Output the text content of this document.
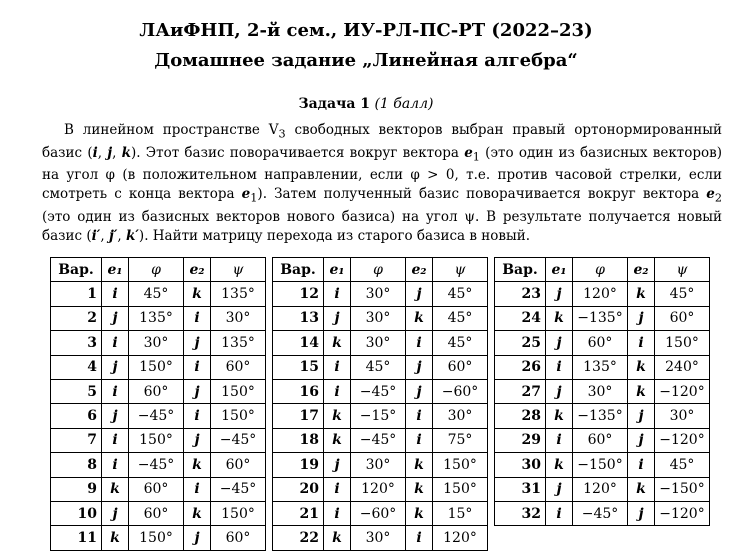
ЛАиФНП, 2-й сем., ИУ-РЛ-ПС-РТ (2022–23)
Домашнее задание „Линейная алгебра“
Задача 1 (1 балл)

В линейном пространстве $V_3$ свободных векторов выбран правый ортонормированный базис (i, j, k). Этот базис поворачивается вокруг вектора $e_1$ (это один из базисных векторов) на угол φ (в положительном направлении, если φ > 0, т.е. против часовой стрелки, если смотреть с конца вектора $e_1$). Затем полученный базис поворачивается вокруг вектора $e_2$ (это один из базисных векторов нового базиса) на угол ψ. В результате получается новый базис (i′, j′, k′). Найти матрицу перехода из старого базиса в новый.

Вар.	e₁	φ	e₂	ψ
1	i	45°	k	135°
2	j	135°	i	30°
3	i	30°	j	135°
4	j	150°	i	60°
5	i	60°	j	150°
6	j	−45°	i	150°
7	i	150°	j	−45°
8	i	−45°	k	60°
9	k	60°	i	−45°
10	j	60°	k	150°
11	k	150°	j	60°
Вар.	e₁	φ	e₂	ψ
12	i	30°	j	45°
13	j	30°	k	45°
14	k	30°	i	45°
15	i	45°	j	60°
16	i	−45°	j	−60°
17	k	−15°	i	30°
18	k	−45°	i	75°
19	j	30°	k	150°
20	i	120°	k	150°
21	i	−60°	k	15°
22	k	30°	i	120°
Вар.	e₁	φ	e₂	ψ
23	j	120°	k	45°
24	k	−135°	j	60°
25	j	60°	i	150°
26	i	135°	k	240°
27	j	30°	k	−120°
28	k	−135°	j	30°
29	i	60°	j	−120°
30	k	−150°	i	45°
31	j	120°	k	−150°
32	i	−45°	j	−120°
